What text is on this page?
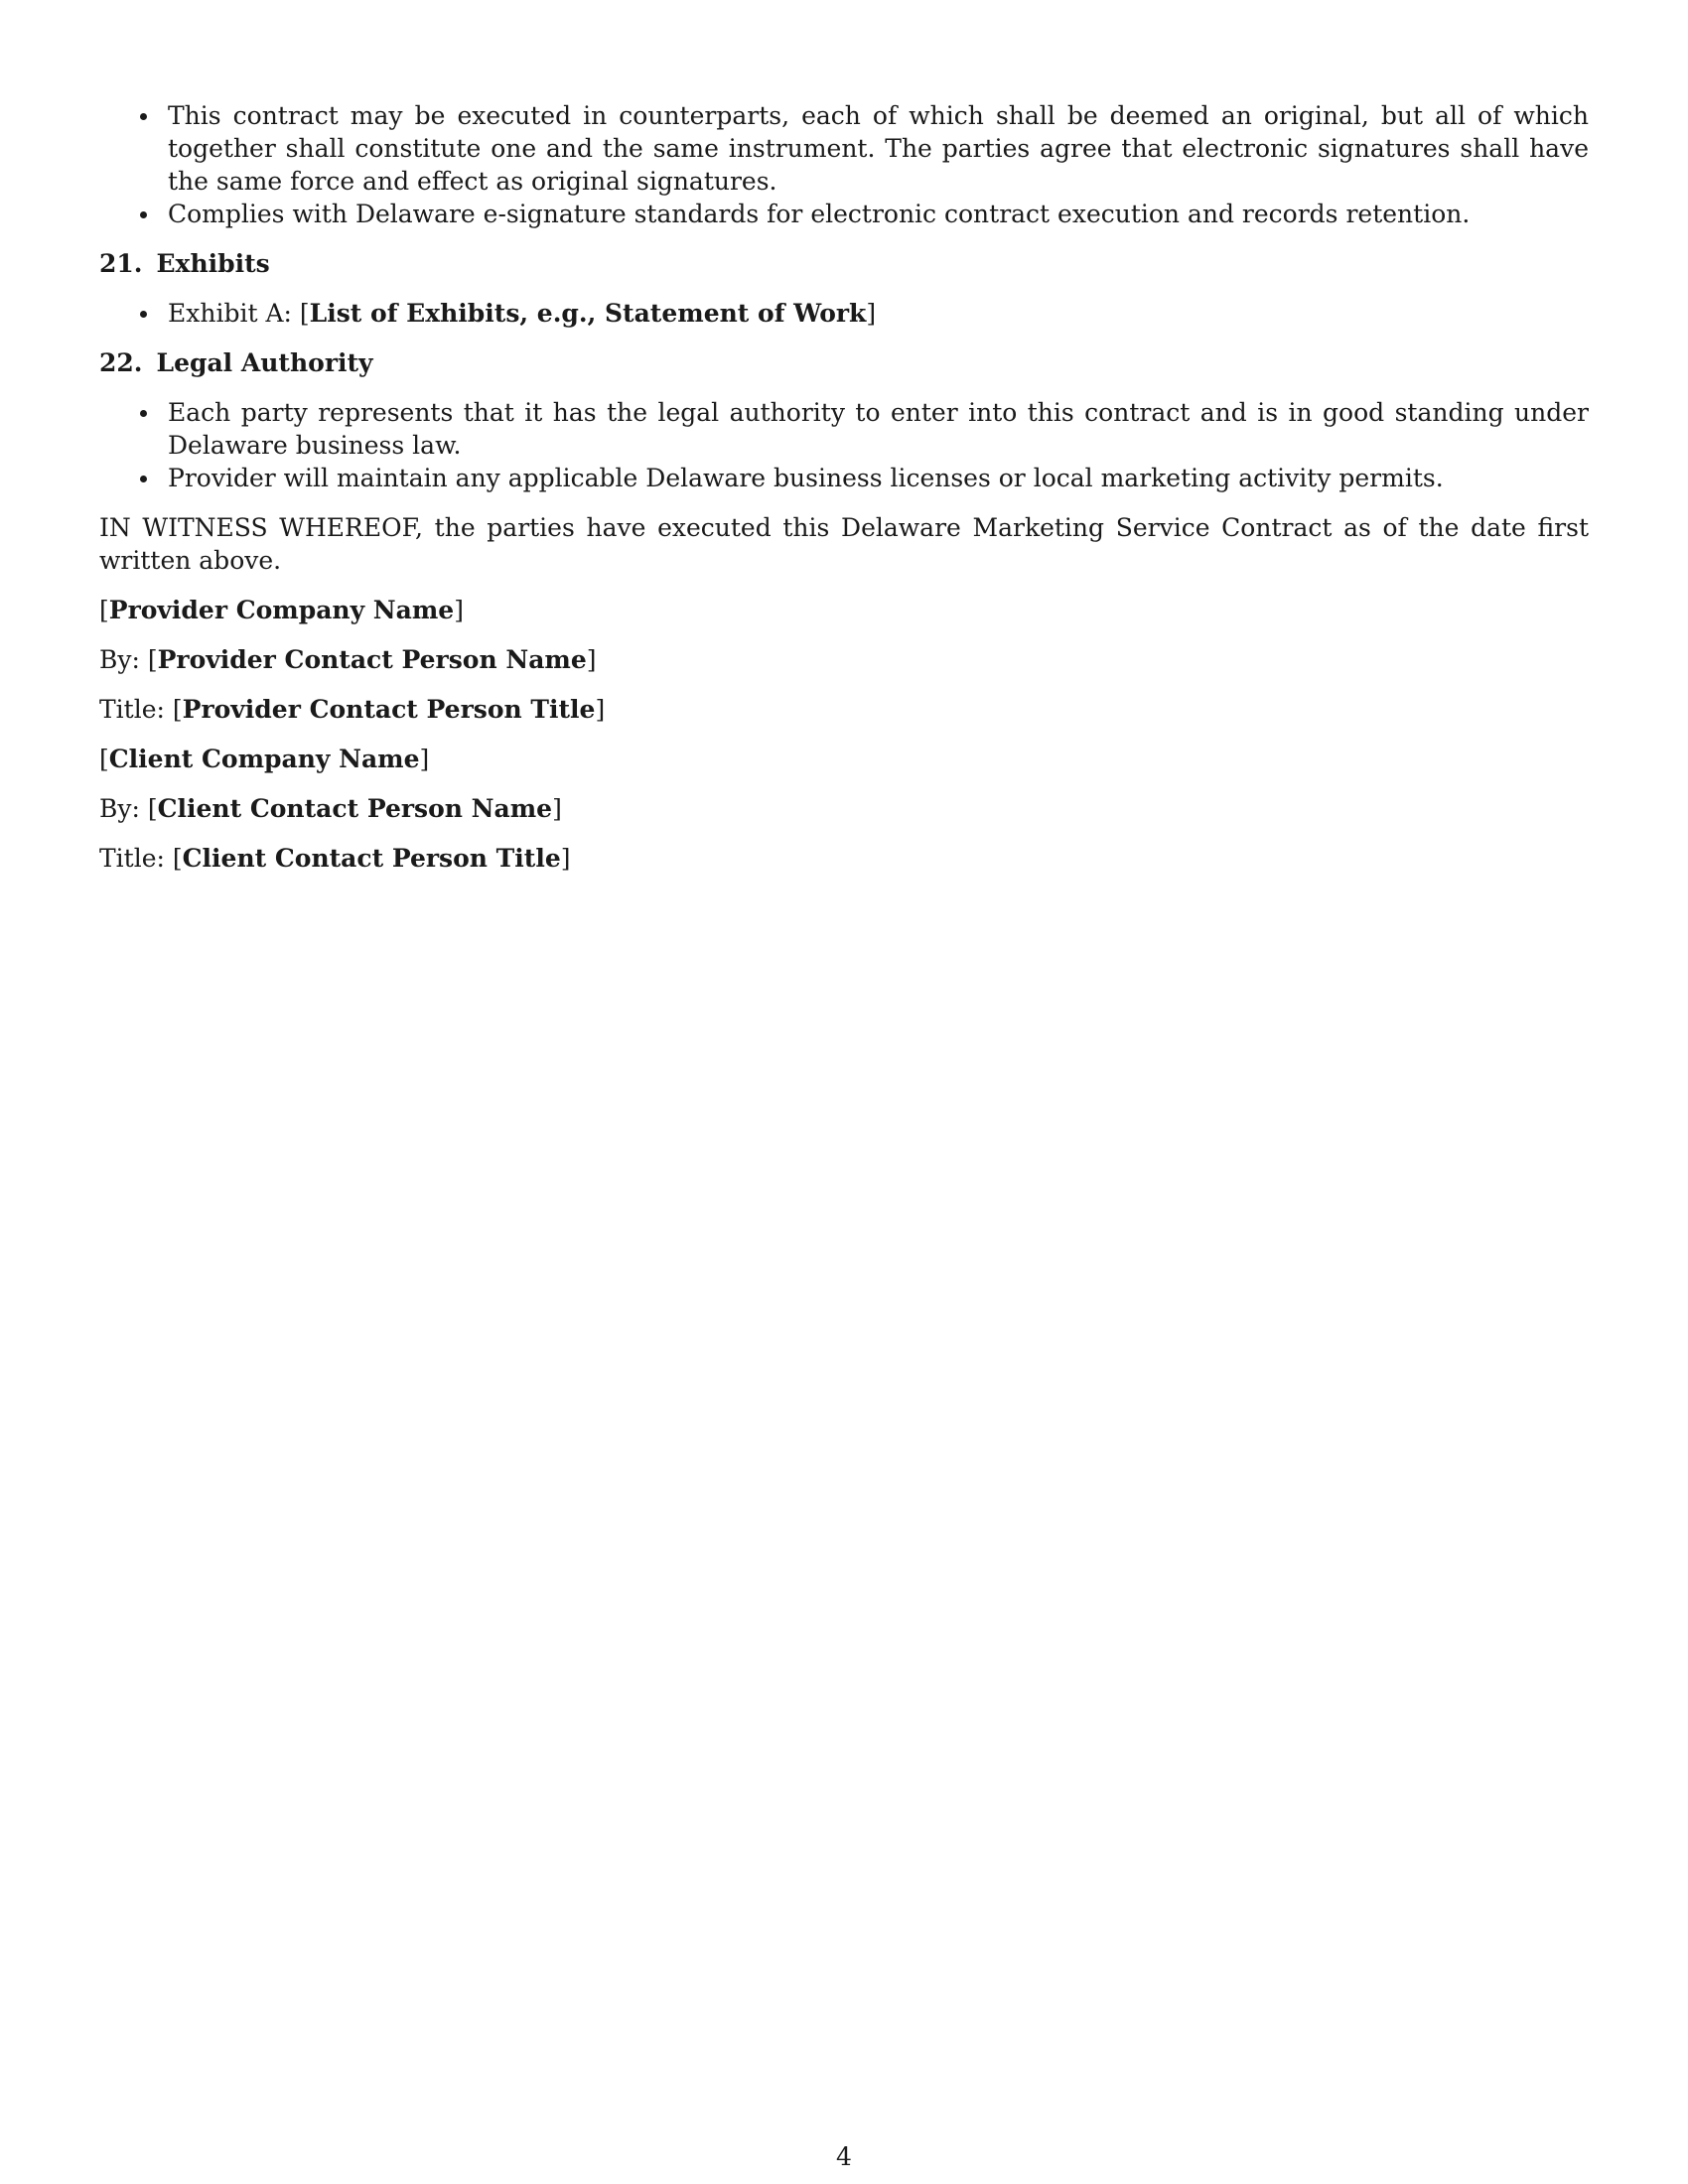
This contract may be executed in counterparts, each of which shall be deemed an original, but all of which together shall constitute one and the same instrument. The parties agree that electronic signatures shall have the same force and effect as original signatures.
Complies with Delaware e-signature standards for electronic contract execution and records retention.
21. Exhibits
Exhibit A: [List of Exhibits, e.g., Statement of Work]
22. Legal Authority
Each party represents that it has the legal authority to enter into this contract and is in good standing under Delaware business law.
Provider will maintain any applicable Delaware business licenses or local marketing activity permits.

IN WITNESS WHEREOF, the parties have executed this Delaware Marketing Service Contract as of the date first written above.

[Provider Company Name]
By: [Provider Contact Person Name]
Title: [Provider Contact Person Title]
[Client Company Name]
By: [Client Contact Person Name]
Title: [Client Contact Person Title]
4
